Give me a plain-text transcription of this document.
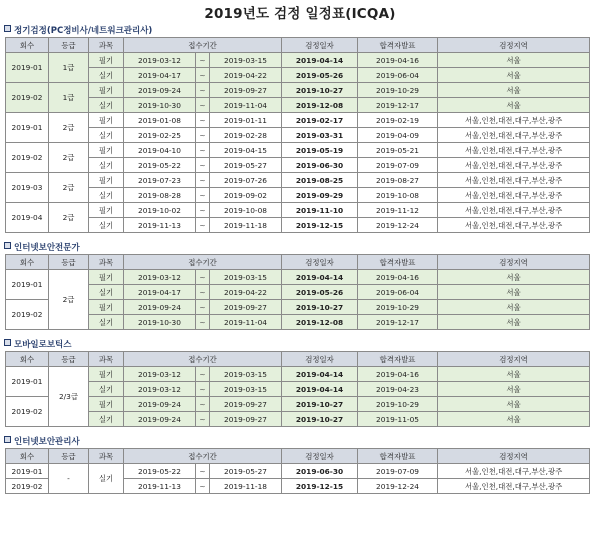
2019년도 검정 일정표(ICQA)
정기검정(PC정비사/네트워크관리사)
회수	등급	과목	접수기간			검정일자	합격자발표	검정지역
2019-01	1급	필기	2019-03-12	~	2019-03-15	2019-04-14	2019-04-16	서울
		실기	2019-04-17	~	2019-04-22	2019-05-26	2019-06-04	서울
2019-02	1급	필기	2019-09-24	~	2019-09-27	2019-10-27	2019-10-29	서울
		실기	2019-10-30	~	2019-11-04	2019-12-08	2019-12-17	서울
2019-01	2급	필기	2019-01-08	~	2019-01-11	2019-02-17	2019-02-19	서울,인천,대전,대구,부산,광주
		실기	2019-02-25	~	2019-02-28	2019-03-31	2019-04-09	서울,인천,대전,대구,부산,광주
2019-02	2급	필기	2019-04-10	~	2019-04-15	2019-05-19	2019-05-21	서울,인천,대전,대구,부산,광주
		실기	2019-05-22	~	2019-05-27	2019-06-30	2019-07-09	서울,인천,대전,대구,부산,광주
2019-03	2급	필기	2019-07-23	~	2019-07-26	2019-08-25	2019-08-27	서울,인천,대전,대구,부산,광주
		실기	2019-08-28	~	2019-09-02	2019-09-29	2019-10-08	서울,인천,대전,대구,부산,광주
2019-04	2급	필기	2019-10-02	~	2019-10-08	2019-11-10	2019-11-12	서울,인천,대전,대구,부산,광주
		실기	2019-11-13	~	2019-11-18	2019-12-15	2019-12-24	서울,인천,대전,대구,부산,광주
인터넷보안전문가
회수	등급	과목	접수기간			검정일자	합격자발표	검정지역
2019-01	2급	필기	2019-03-12	~	2019-03-15	2019-04-14	2019-04-16	서울
		실기	2019-04-17	~	2019-04-22	2019-05-26	2019-06-04	서울
2019-02		필기	2019-09-24	~	2019-09-27	2019-10-27	2019-10-29	서울
		실기	2019-10-30	~	2019-11-04	2019-12-08	2019-12-17	서울
모바일로보틱스
회수	등급	과목	접수기간			검정일자	합격자발표	검정지역
2019-01	2/3급	필기	2019-03-12	~	2019-03-15	2019-04-14	2019-04-16	서울
		실기	2019-03-12	~	2019-03-15	2019-04-14	2019-04-23	서울
2019-02		필기	2019-09-24	~	2019-09-27	2019-10-27	2019-10-29	서울
		실기	2019-09-24	~	2019-09-27	2019-10-27	2019-11-05	서울
인터넷보안관리사
회수	등급	과목	접수기간			검정일자	합격자발표	검정지역
2019-01	-	실기	2019-05-22	~	2019-05-27	2019-06-30	2019-07-09	서울,인천,대전,대구,부산,광주
2019-02			2019-11-13	~	2019-11-18	2019-12-15	2019-12-24	서울,인천,대전,대구,부산,광주
